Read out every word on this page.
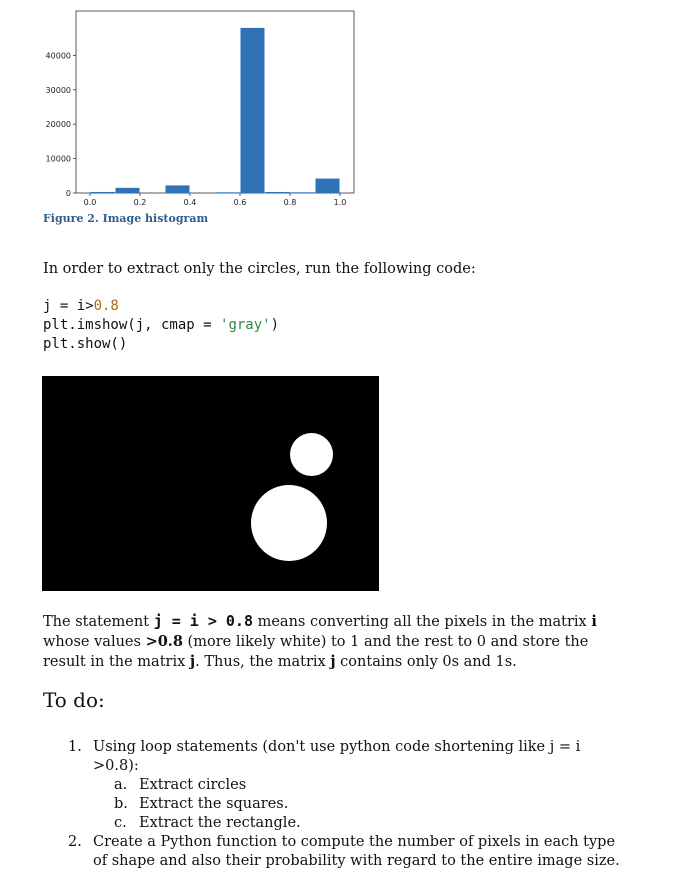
0
10000
20000
30000
40000
0.0	0.2	0.4	0.6	0.8	1.0
Figure 2. Image histogram
In order to extract only the circles, run the following code:
j = i>0.8
plt.imshow(j, cmap = 'gray')
plt.show()
The statement j = i > 0.8 means converting all the pixels in the matrix i whose values >0.8 (more likely white) to 1 and the rest to 0 and store the result in the matrix j. Thus, the matrix j contains only 0s and 1s.
To do:
1. Using loop statements (don't use python code shortening like j = i >0.8):
a. Extract circles
b. Extract the squares.
c. Extract the rectangle.
2. Create a Python function to compute the number of pixels in each type of shape and also their probability with regard to the entire image size.
